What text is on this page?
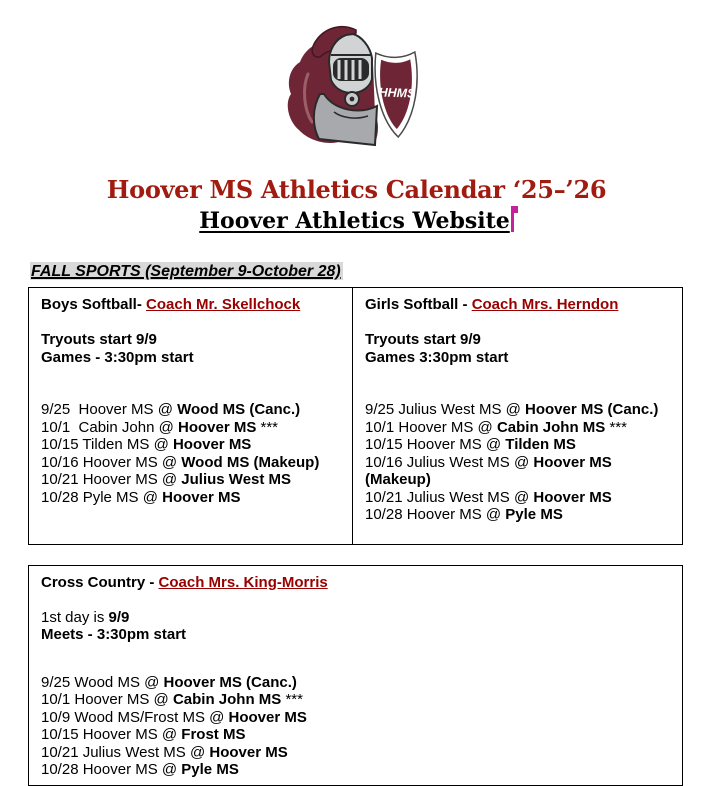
HHMS
Hoover MS Athletics Calendar ‘25–’26
Hoover Athletics Website
FALL SPORTS (September 9-October 28)
Boys Softball- Coach Mr. Skellchock
Tryouts start 9/9
Games - 3:30pm start
9/25  Hoover MS @ Wood MS (Canc.)
10/1  Cabin John @ Hoover MS ***
10/15 Tilden MS @ Hoover MS
10/16 Hoover MS @ Wood MS (Makeup)
10/21 Hoover MS @ Julius West MS
10/28 Pyle MS @ Hoover MS

Girls Softball - Coach Mrs. Herndon
Tryouts start 9/9
Games 3:30pm start
9/25 Julius West MS @ Hoover MS (Canc.)
10/1 Hoover MS @ Cabin John MS ***
10/15 Hoover MS @ Tilden MS
10/16 Julius West MS @ Hoover MS (Makeup)
10/21 Julius West MS @ Hoover MS
10/28 Hoover MS @ Pyle MS
Cross Country - Coach Mrs. King-Morris
1st day is 9/9
Meets - 3:30pm start
9/25 Wood MS @ Hoover MS (Canc.)
10/1 Hoover MS @ Cabin John MS ***
10/9 Wood MS/Frost MS @ Hoover MS
10/15 Hoover MS @ Frost MS
10/21 Julius West MS @ Hoover MS
10/28 Hoover MS @ Pyle MS
